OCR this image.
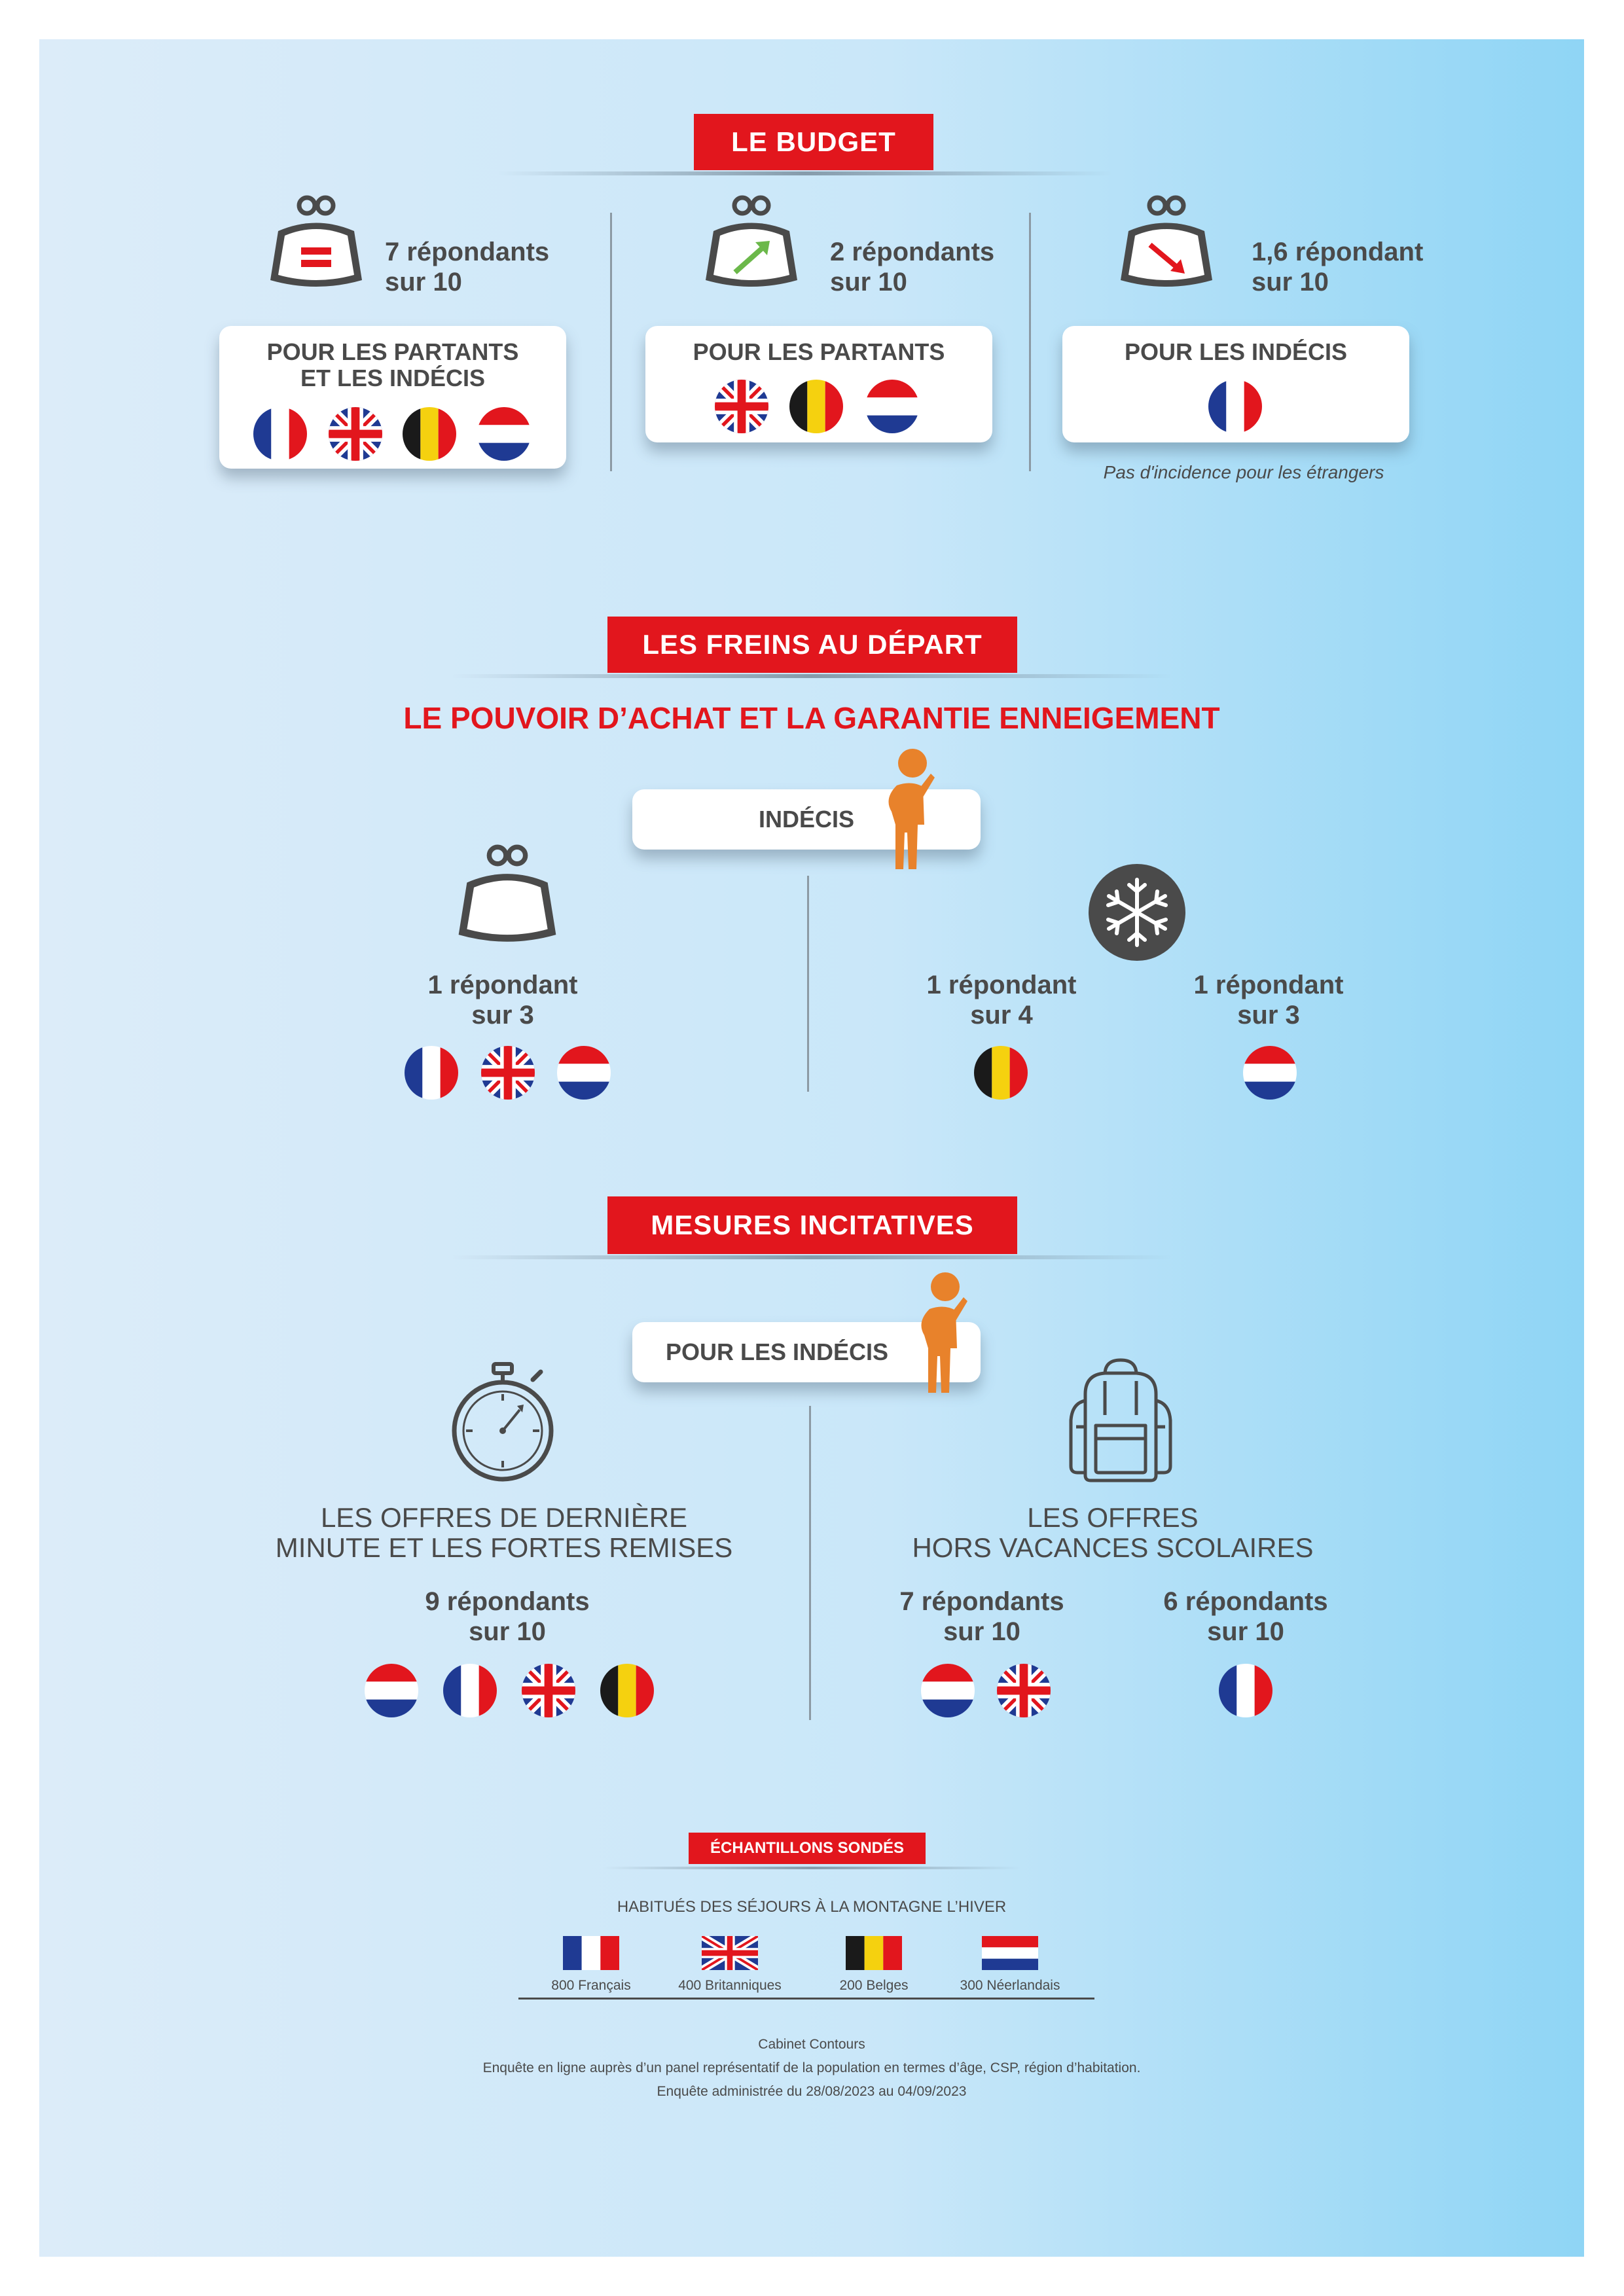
LE BUDGET
7 répondants
sur 10
POUR LES PARTANTS
ET LES INDÉCIS
2 répondants
sur 10
POUR LES PARTANTS
1,6 répondant
sur 10
POUR LES INDÉCIS
Pas d'incidence pour les étrangers
LES FREINS AU DÉPART
LE POUVOIR D’ACHAT ET LA GARANTIE ENNEIGEMENT
INDÉCIS
1 répondant
sur 3
1 répondant
sur 4
1 répondant
sur 3
MESURES INCITATIVES
POUR LES INDÉCIS
LES OFFRES DE DERNIÈRE
MINUTE ET LES FORTES REMISES
9 répondants
sur 10
LES OFFRES
HORS VACANCES SCOLAIRES
7 répondants
sur 10
6 répondants
sur 10
ÉCHANTILLONS SONDÉS
HABITUÉS DES SÉJOURS À LA MONTAGNE L’HIVER
800 Français	400 Britanniques	200 Belges	300 Néerlandais
Cabinet Contours
Enquête en ligne auprès d’un panel représentatif de la population en termes d’âge, CSP, région d’habitation.
Enquête administrée du 28/08/2023 au 04/09/2023
